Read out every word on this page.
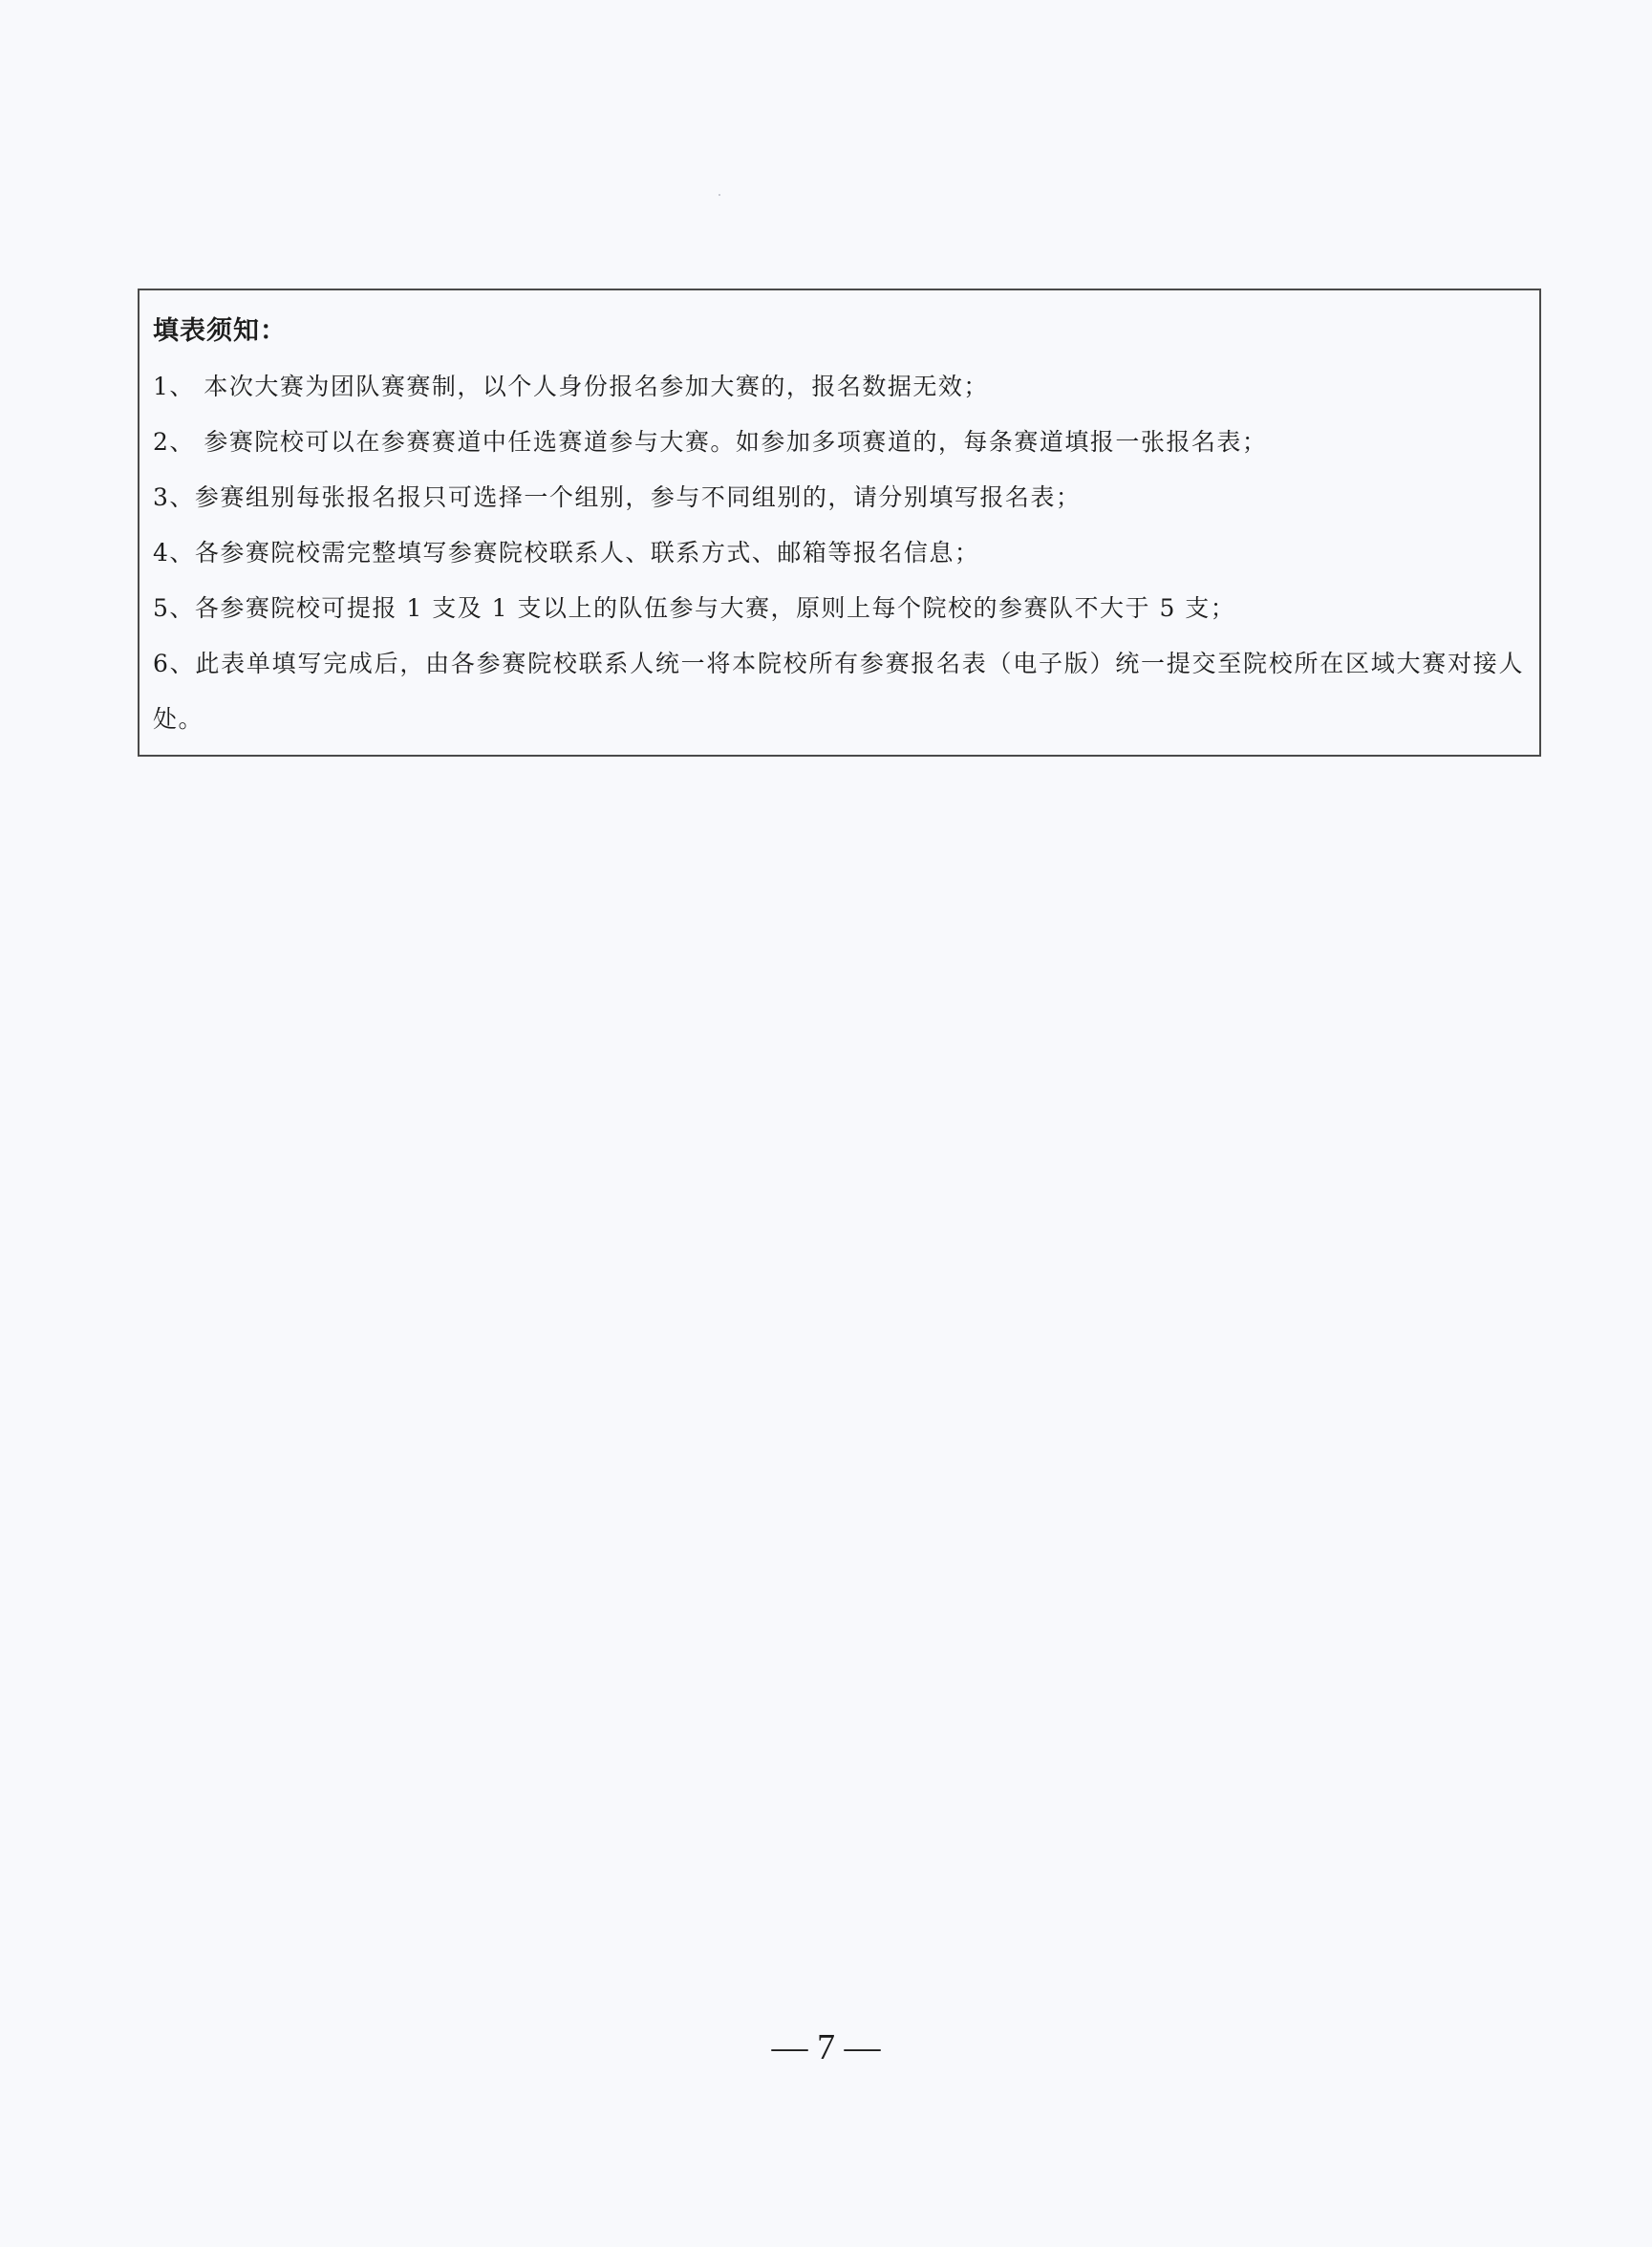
填表须知：

1、 本次大赛为团队赛赛制，以个人身份报名参加大赛的，报名数据无效；
2、 参赛院校可以在参赛赛道中任选赛道参与大赛。如参加多项赛道的，每条赛道填报一张报名表；
3、参赛组别每张报名报只可选择一个组别，参与不同组别的，请分别填写报名表；
4、各参赛院校需完整填写参赛院校联系人、联系方式、邮箱等报名信息；
5、各参赛院校可提报 1 支及 1 支以上的队伍参与大赛，原则上每个院校的参赛队不大于 5 支；
6、此表单填写完成后，由各参赛院校联系人统一将本院校所有参赛报名表（电子版）统一提交至院校所在区域大赛对接人处。
— 7 —
